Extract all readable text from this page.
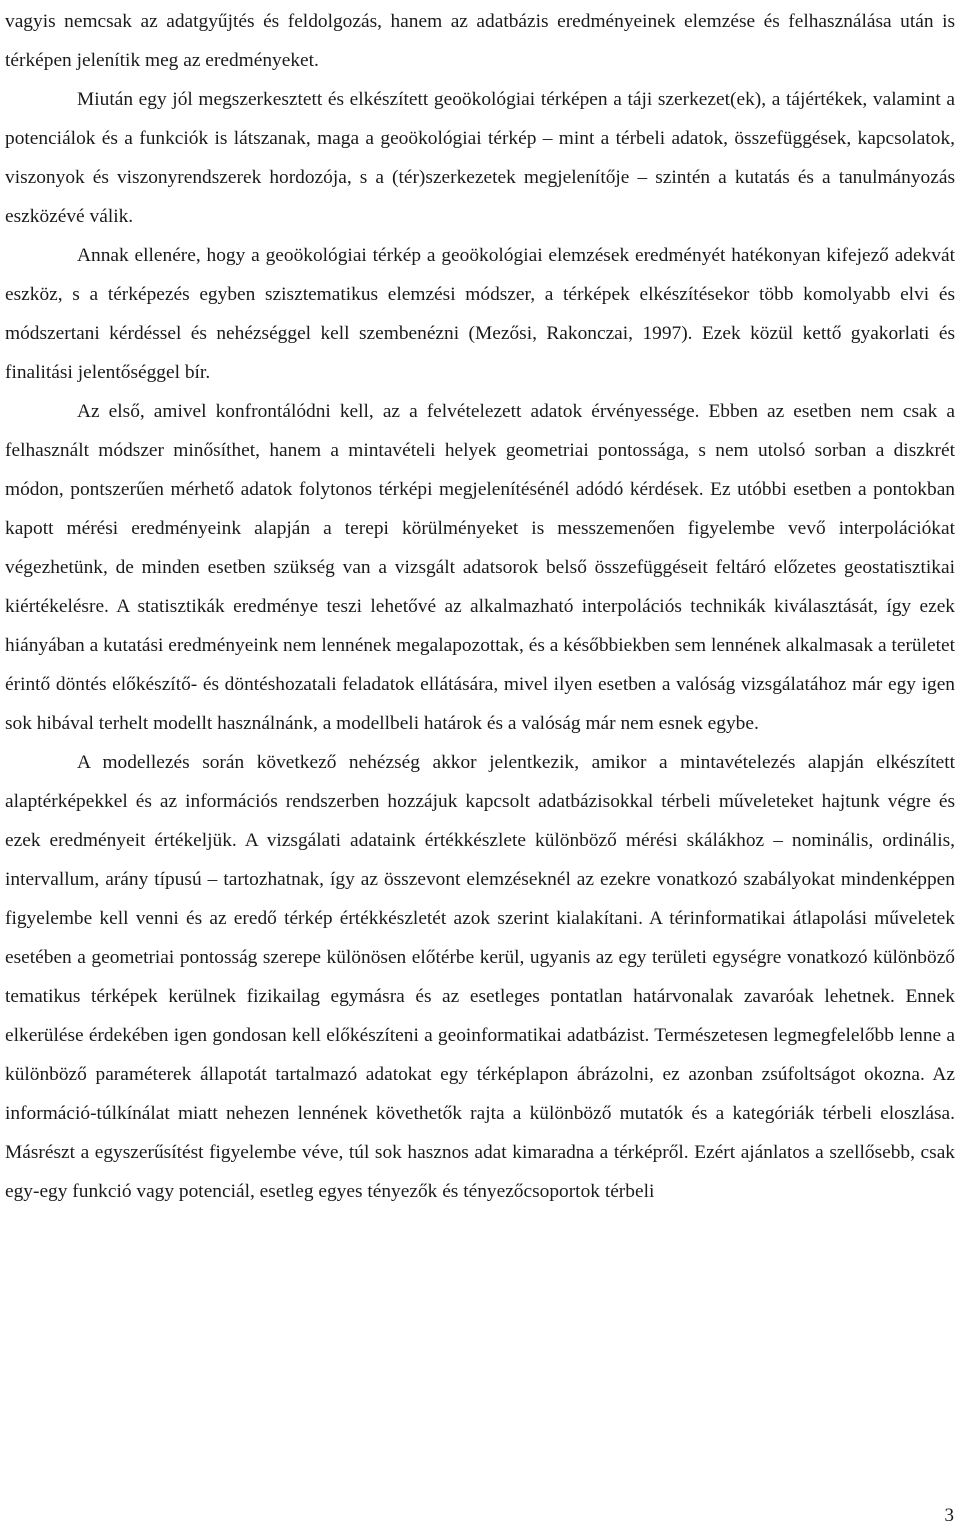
vagyis nemcsak az adatgyűjtés és feldolgozás, hanem az adatbázis eredményeinek elemzése és felhasználása után is térképen jelenítik meg az eredményeket.

Miután egy jól megszerkesztett és elkészített geoökológiai térképen a táji szerkezet(ek), a tájértékek, valamint a potenciálok és a funkciók is látszanak, maga a geoökológiai térkép – mint a térbeli adatok, összefüggések, kapcsolatok, viszonyok és viszonyrendszerek hordozója, s a (tér)szerkezetek megjelenítője – szintén a kutatás és a tanulmányozás eszközévé válik.

Annak ellenére, hogy a geoökológiai térkép a geoökológiai elemzések eredményét hatékonyan kifejező adekvát eszköz, s a térképezés egyben szisztematikus elemzési módszer, a térképek elkészítésekor több komolyabb elvi és módszertani kérdéssel és nehézséggel kell szembenézni (Mezősi, Rakonczai, 1997). Ezek közül kettő gyakorlati és finalitási jelentőséggel bír.

Az első, amivel konfrontálódni kell, az a felvételezett adatok érvényessége. Ebben az esetben nem csak a felhasznált módszer minősíthet, hanem a mintavételi helyek geometriai pontossága, s nem utolsó sorban a diszkrét módon, pontszerűen mérhető adatok folytonos térképi megjelenítésénél adódó kérdések. Ez utóbbi esetben a pontokban kapott mérési eredményeink alapján a terepi körülményeket is messzemenően figyelembe vevő interpolációkat végezhetünk, de minden esetben szükség van a vizsgált adatsorok belső összefüggéseit feltáró előzetes geostatisztikai kiértékelésre. A statisztikák eredménye teszi lehetővé az alkalmazható interpolációs technikák kiválasztását, így ezek hiányában a kutatási eredményeink nem lennének megalapozottak, és a későbbiekben sem lennének alkalmasak a területet érintő döntés előkészítő- és döntéshozatali feladatok ellátására, mivel ilyen esetben a valóság vizsgálatához már egy igen sok hibával terhelt modellt használnánk, a modellbeli határok és a valóság már nem esnek egybe.

A modellezés során következő nehézség akkor jelentkezik, amikor a mintavételezés alapján elkészített alaptérképekkel és az információs rendszerben hozzájuk kapcsolt adatbázisokkal térbeli műveleteket hajtunk végre és ezek eredményeit értékeljük. A vizsgálati adataink értékkészlete különböző mérési skálákhoz – nominális, ordinális, intervallum, arány típusú – tartozhatnak, így az összevont elemzéseknél az ezekre vonatkozó szabályokat mindenképpen figyelembe kell venni és az eredő térkép értékkészletét azok szerint kialakítani. A térinformatikai átlapolási műveletek esetében a geometriai pontosság szerepe különösen előtérbe kerül, ugyanis az egy területi egységre vonatkozó különböző tematikus térképek kerülnek fizikailag egymásra és az esetleges pontatlan határvonalak zavaróak lehetnek. Ennek elkerülése érdekében igen gondosan kell előkészíteni a geoinformatikai adatbázist. Természetesen legmegfelelőbb lenne a különböző paraméterek állapotát tartalmazó adatokat egy térképlapon ábrázolni, ez azonban zsúfoltságot okozna. Az információ-túlkínálat miatt nehezen lennének követhetők rajta a különböző mutatók és a kategóriák térbeli eloszlása. Másrészt a egyszerűsítést figyelembe véve, túl sok hasznos adat kimaradna a térképről. Ezért ajánlatos a szellősebb, csak egy-egy funkció vagy potenciál, esetleg egyes tényezők és tényezőcsoportok térbeli

3
